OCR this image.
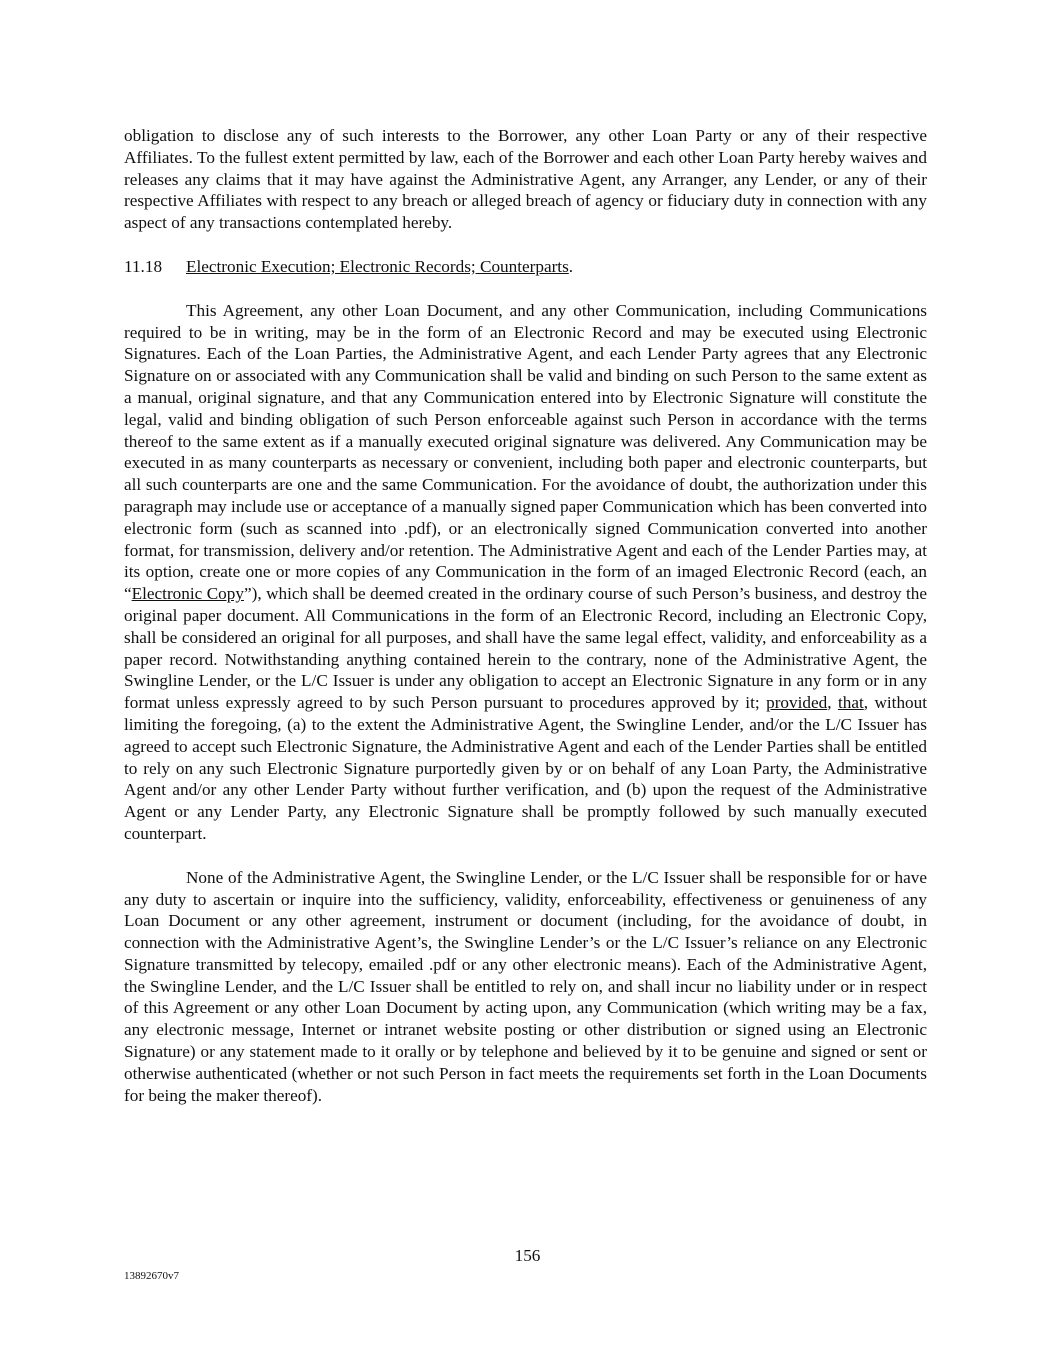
obligation to disclose any of such interests to the Borrower, any other Loan Party or any of their respective Affiliates. To the fullest extent permitted by law, each of the Borrower and each other Loan Party hereby waives and releases any claims that it may have against the Administrative Agent, any Arranger, any Lender, or any of their respective Affiliates with respect to any breach or alleged breach of agency or fiduciary duty in connection with any aspect of any transactions contemplated hereby.

11.18 Electronic Execution; Electronic Records; Counterparts.

This Agreement, any other Loan Document, and any other Communication, including Communications required to be in writing, may be in the form of an Electronic Record and may be executed using Electronic Signatures. Each of the Loan Parties, the Administrative Agent, and each Lender Party agrees that any Electronic Signature on or associated with any Communication shall be valid and binding on such Person to the same extent as a manual, original signature, and that any Communication entered into by Electronic Signature will constitute the legal, valid and binding obligation of such Person enforceable against such Person in accordance with the terms thereof to the same extent as if a manually executed original signature was delivered. Any Communication may be executed in as many counterparts as necessary or convenient, including both paper and electronic counterparts, but all such counterparts are one and the same Communication. For the avoidance of doubt, the authorization under this paragraph may include use or acceptance of a manually signed paper Communication which has been converted into electronic form (such as scanned into .pdf), or an electronically signed Communication converted into another format, for transmission, delivery and/or retention. The Administrative Agent and each of the Lender Parties may, at its option, create one or more copies of any Communication in the form of an imaged Electronic Record (each, an “Electronic Copy”), which shall be deemed created in the ordinary course of such Person’s business, and destroy the original paper document. All Communications in the form of an Electronic Record, including an Electronic Copy, shall be considered an original for all purposes, and shall have the same legal effect, validity, and enforceability as a paper record. Notwithstanding anything contained herein to the contrary, none of the Administrative Agent, the Swingline Lender, or the L/C Issuer is under any obligation to accept an Electronic Signature in any form or in any format unless expressly agreed to by such Person pursuant to procedures approved by it; provided, that, without limiting the foregoing, (a) to the extent the Administrative Agent, the Swingline Lender, and/or the L/C Issuer has agreed to accept such Electronic Signature, the Administrative Agent and each of the Lender Parties shall be entitled to rely on any such Electronic Signature purportedly given by or on behalf of any Loan Party, the Administrative Agent and/or any other Lender Party without further verification, and (b) upon the request of the Administrative Agent or any Lender Party, any Electronic Signature shall be promptly followed by such manually executed counterpart.

None of the Administrative Agent, the Swingline Lender, or the L/C Issuer shall be responsible for or have any duty to ascertain or inquire into the sufficiency, validity, enforceability, effectiveness or genuineness of any Loan Document or any other agreement, instrument or document (including, for the avoidance of doubt, in connection with the Administrative Agent’s, the Swingline Lender’s or the L/C Issuer’s reliance on any Electronic Signature transmitted by telecopy, emailed .pdf or any other electronic means). Each of the Administrative Agent, the Swingline Lender, and the L/C Issuer shall be entitled to rely on, and shall incur no liability under or in respect of this Agreement or any other Loan Document by acting upon, any Communication (which writing may be a fax, any electronic message, Internet or intranet website posting or other distribution or signed using an Electronic Signature) or any statement made to it orally or by telephone and believed by it to be genuine and signed or sent or otherwise authenticated (whether or not such Person in fact meets the requirements set forth in the Loan Documents for being the maker thereof).

156
13892670v7
